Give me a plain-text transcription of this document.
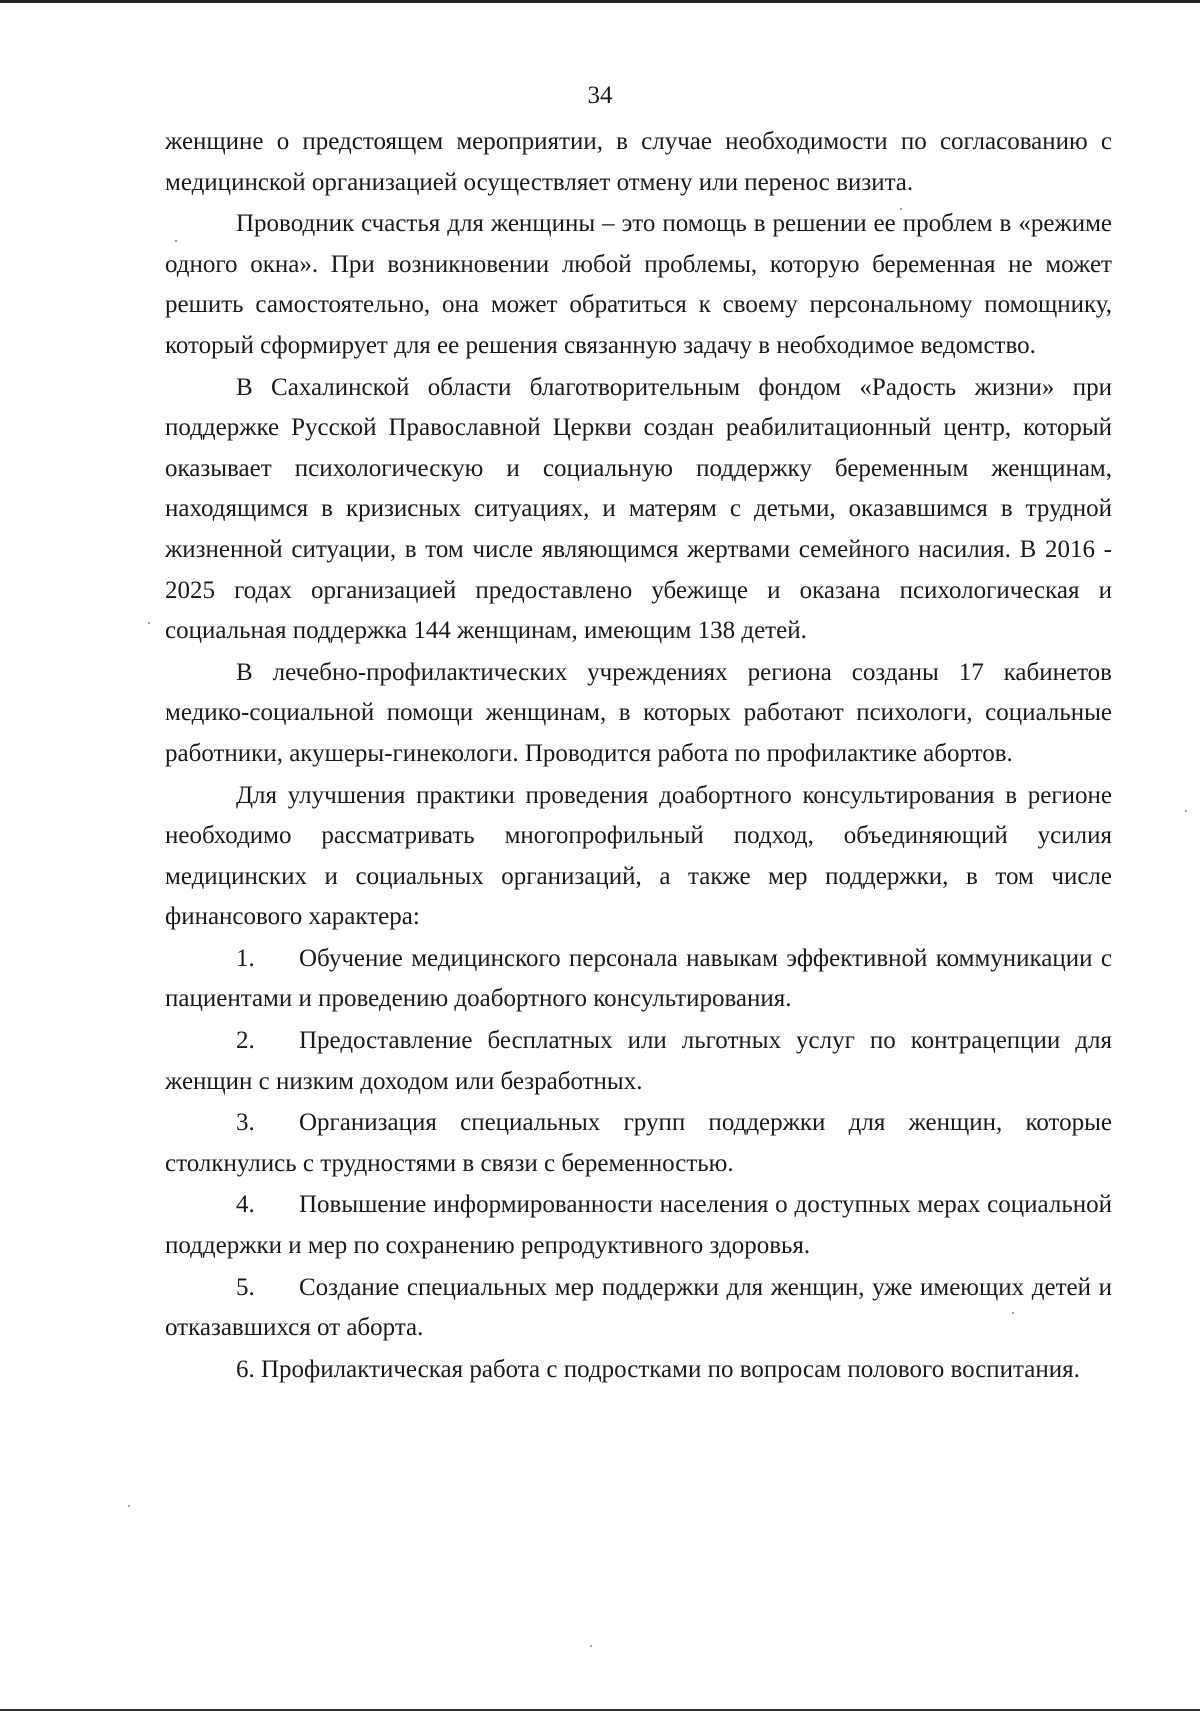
34

женщине о предстоящем мероприятии, в случае необходимости по согласованию с медицинской организацией осуществляет отмену или перенос визита.

Проводник счастья для женщины – это помощь в решении ее проблем в «режиме одного окна». При возникновении любой проблемы, которую беременная не может решить самостоятельно, она может обратиться к своему персональному помощнику, который сформирует для ее решения связанную задачу в необходимое ведомство.

В Сахалинской области благотворительным фондом «Радость жизни» при поддержке Русской Православной Церкви создан реабилитационный центр, который оказывает психологическую и социальную поддержку беременным женщинам, находящимся в кризисных ситуациях, и матерям с детьми, оказавшимся в трудной жизненной ситуации, в том числе являющимся жертвами семейного насилия. В 2016 - 2025 годах организацией предоставлено убежище и оказана психологическая и социальная поддержка 144 женщинам, имеющим 138 детей.

В лечебно-профилактических учреждениях региона созданы 17 кабинетов медико-социальной помощи женщинам, в которых работают психологи, социальные работники, акушеры-гинекологи. Проводится работа по профилактике абортов.

Для улучшения практики проведения доабортного консультирования в регионе необходимо рассматривать многопрофильный подход, объединяющий усилия медицинских и социальных организаций, а также мер поддержки, в том числе финансового характера:

1. Обучение медицинского персонала навыкам эффективной коммуникации с пациентами и проведению доабортного консультирования.

2. Предоставление бесплатных или льготных услуг по контрацепции для женщин с низким доходом или безработных.

3. Организация специальных групп поддержки для женщин, которые столкнулись с трудностями в связи с беременностью.

4. Повышение информированности населения о доступных мерах социальной поддержки и мер по сохранению репродуктивного здоровья.

5. Создание специальных мер поддержки для женщин, уже имеющих детей и отказавшихся от аборта.

6. Профилактическая работа с подростками по вопросам полового воспитания.
